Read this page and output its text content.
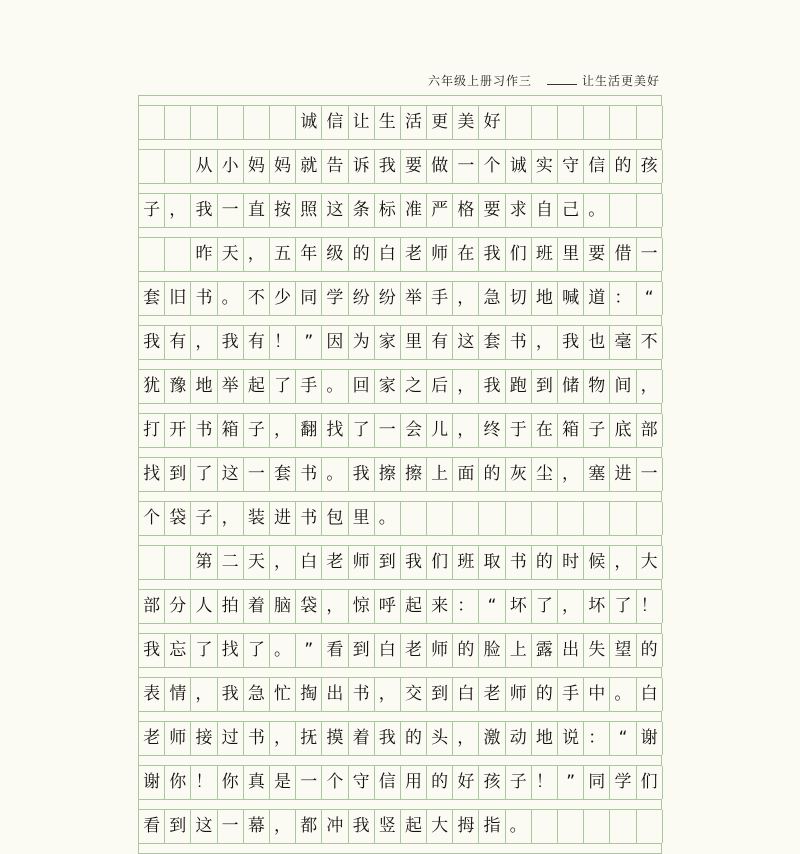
六年级上册习作三	让生活更美好
诚 信 让 生 活 更 美 好
从 小 妈 妈 就 告 诉 我 要 做 一 个 诚 实 守 信 的 孩
子 ， 我 一 直 按 照 这 条 标 准 严 格 要 求 自 己 。
昨 天 ， 五 年 级 的 白 老 师 在 我 们 班 里 要 借 一
套 旧 书 。 不 少 同 学 纷 纷 举 手 ， 急 切 地 喊 道 ： “
我 有 ， 我 有 ！ ” 因 为 家 里 有 这 套 书 ， 我 也 毫 不
犹 豫 地 举 起 了 手 。 回 家 之 后 ， 我 跑 到 储 物 间 ，
打 开 书 箱 子 ， 翻 找 了 一 会 儿 ， 终 于 在 箱 子 底 部
找 到 了 这 一 套 书 。 我 擦 擦 上 面 的 灰 尘 ， 塞 进 一
个 袋 子 ， 装 进 书 包 里 。
第 二 天 ， 白 老 师 到 我 们 班 取 书 的 时 候 ， 大
部 分 人 拍 着 脑 袋 ， 惊 呼 起 来 ： “ 坏 了 ， 坏 了 ！
我 忘 了 找 了 。 ” 看 到 白 老 师 的 脸 上 露 出 失 望 的
表 情 ， 我 急 忙 掏 出 书 ， 交 到 白 老 师 的 手 中 。 白
老 师 接 过 书 ， 抚 摸 着 我 的 头 ， 激 动 地 说 ： “ 谢
谢 你 ！ 你 真 是 一 个 守 信 用 的 好 孩 子 ！ ” 同 学 们
看 到 这 一 幕 ， 都 冲 我 竖 起 大 拇 指 。
